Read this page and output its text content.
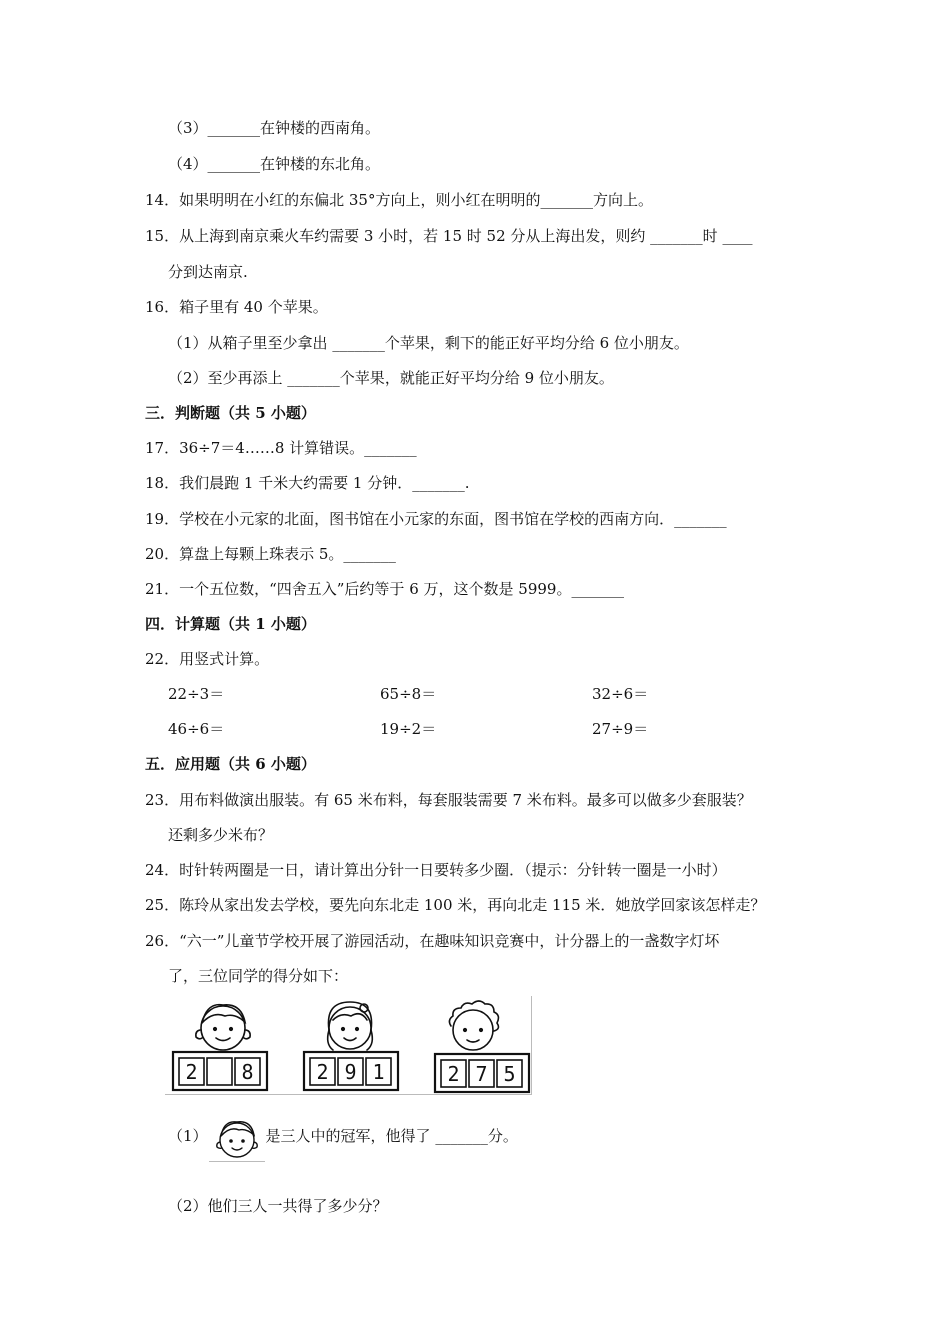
（3）_______在钟楼的西南角。
（4）_______在钟楼的东北角。
14．如果明明在小红的东偏北 35°方向上，则小红在明明的_______方向上。
15．从上海到南京乘火车约需要 3 小时，若 15 时 52 分从上海出发，则约 _______时 ____
分到达南京.
16．箱子里有 40 个苹果。
（1）从箱子里至少拿出 _______个苹果，剩下的能正好平均分给 6 位小朋友。
（2）至少再添上 _______个苹果，就能正好平均分给 9 位小朋友。
三．判断题（共 5 小题）
17．36÷7＝4……8 计算错误。_______
18．我们晨跑 1 千米大约需要 1 分钟．_______.
19．学校在小元家的北面，图书馆在小元家的东面，图书馆在学校的西南方向．_______
20．算盘上每颗上珠表示 5。_______
21．一个五位数，“四舍五入”后约等于 6 万，这个数是 5999。_______
四．计算题（共 1 小题）
22．用竖式计算。
22÷3＝	65÷8＝	32÷6＝
46÷6＝	19÷2＝	27÷9＝
五．应用题（共 6 小题）
23．用布料做演出服装。有 65 米布料，每套服装需要 7 米布料。最多可以做多少套服装？
还剩多少米布？
24．时针转两圈是一日，请计算出分针一日要转多少圈．（提示：分针转一圈是一小时）
25．陈玲从家出发去学校，要先向东北走 100 米，再向北走 115 米．她放学回家该怎样走？
26．“六一”儿童节学校开展了游园活动，在趣味知识竞赛中，计分器上的一盏数字灯坏
了，三位同学的得分如下：
2 8	2 9 1	2 7 5
（1）	是三人中的冠军，他得了 _______分。
（2）他们三人一共得了多少分？
